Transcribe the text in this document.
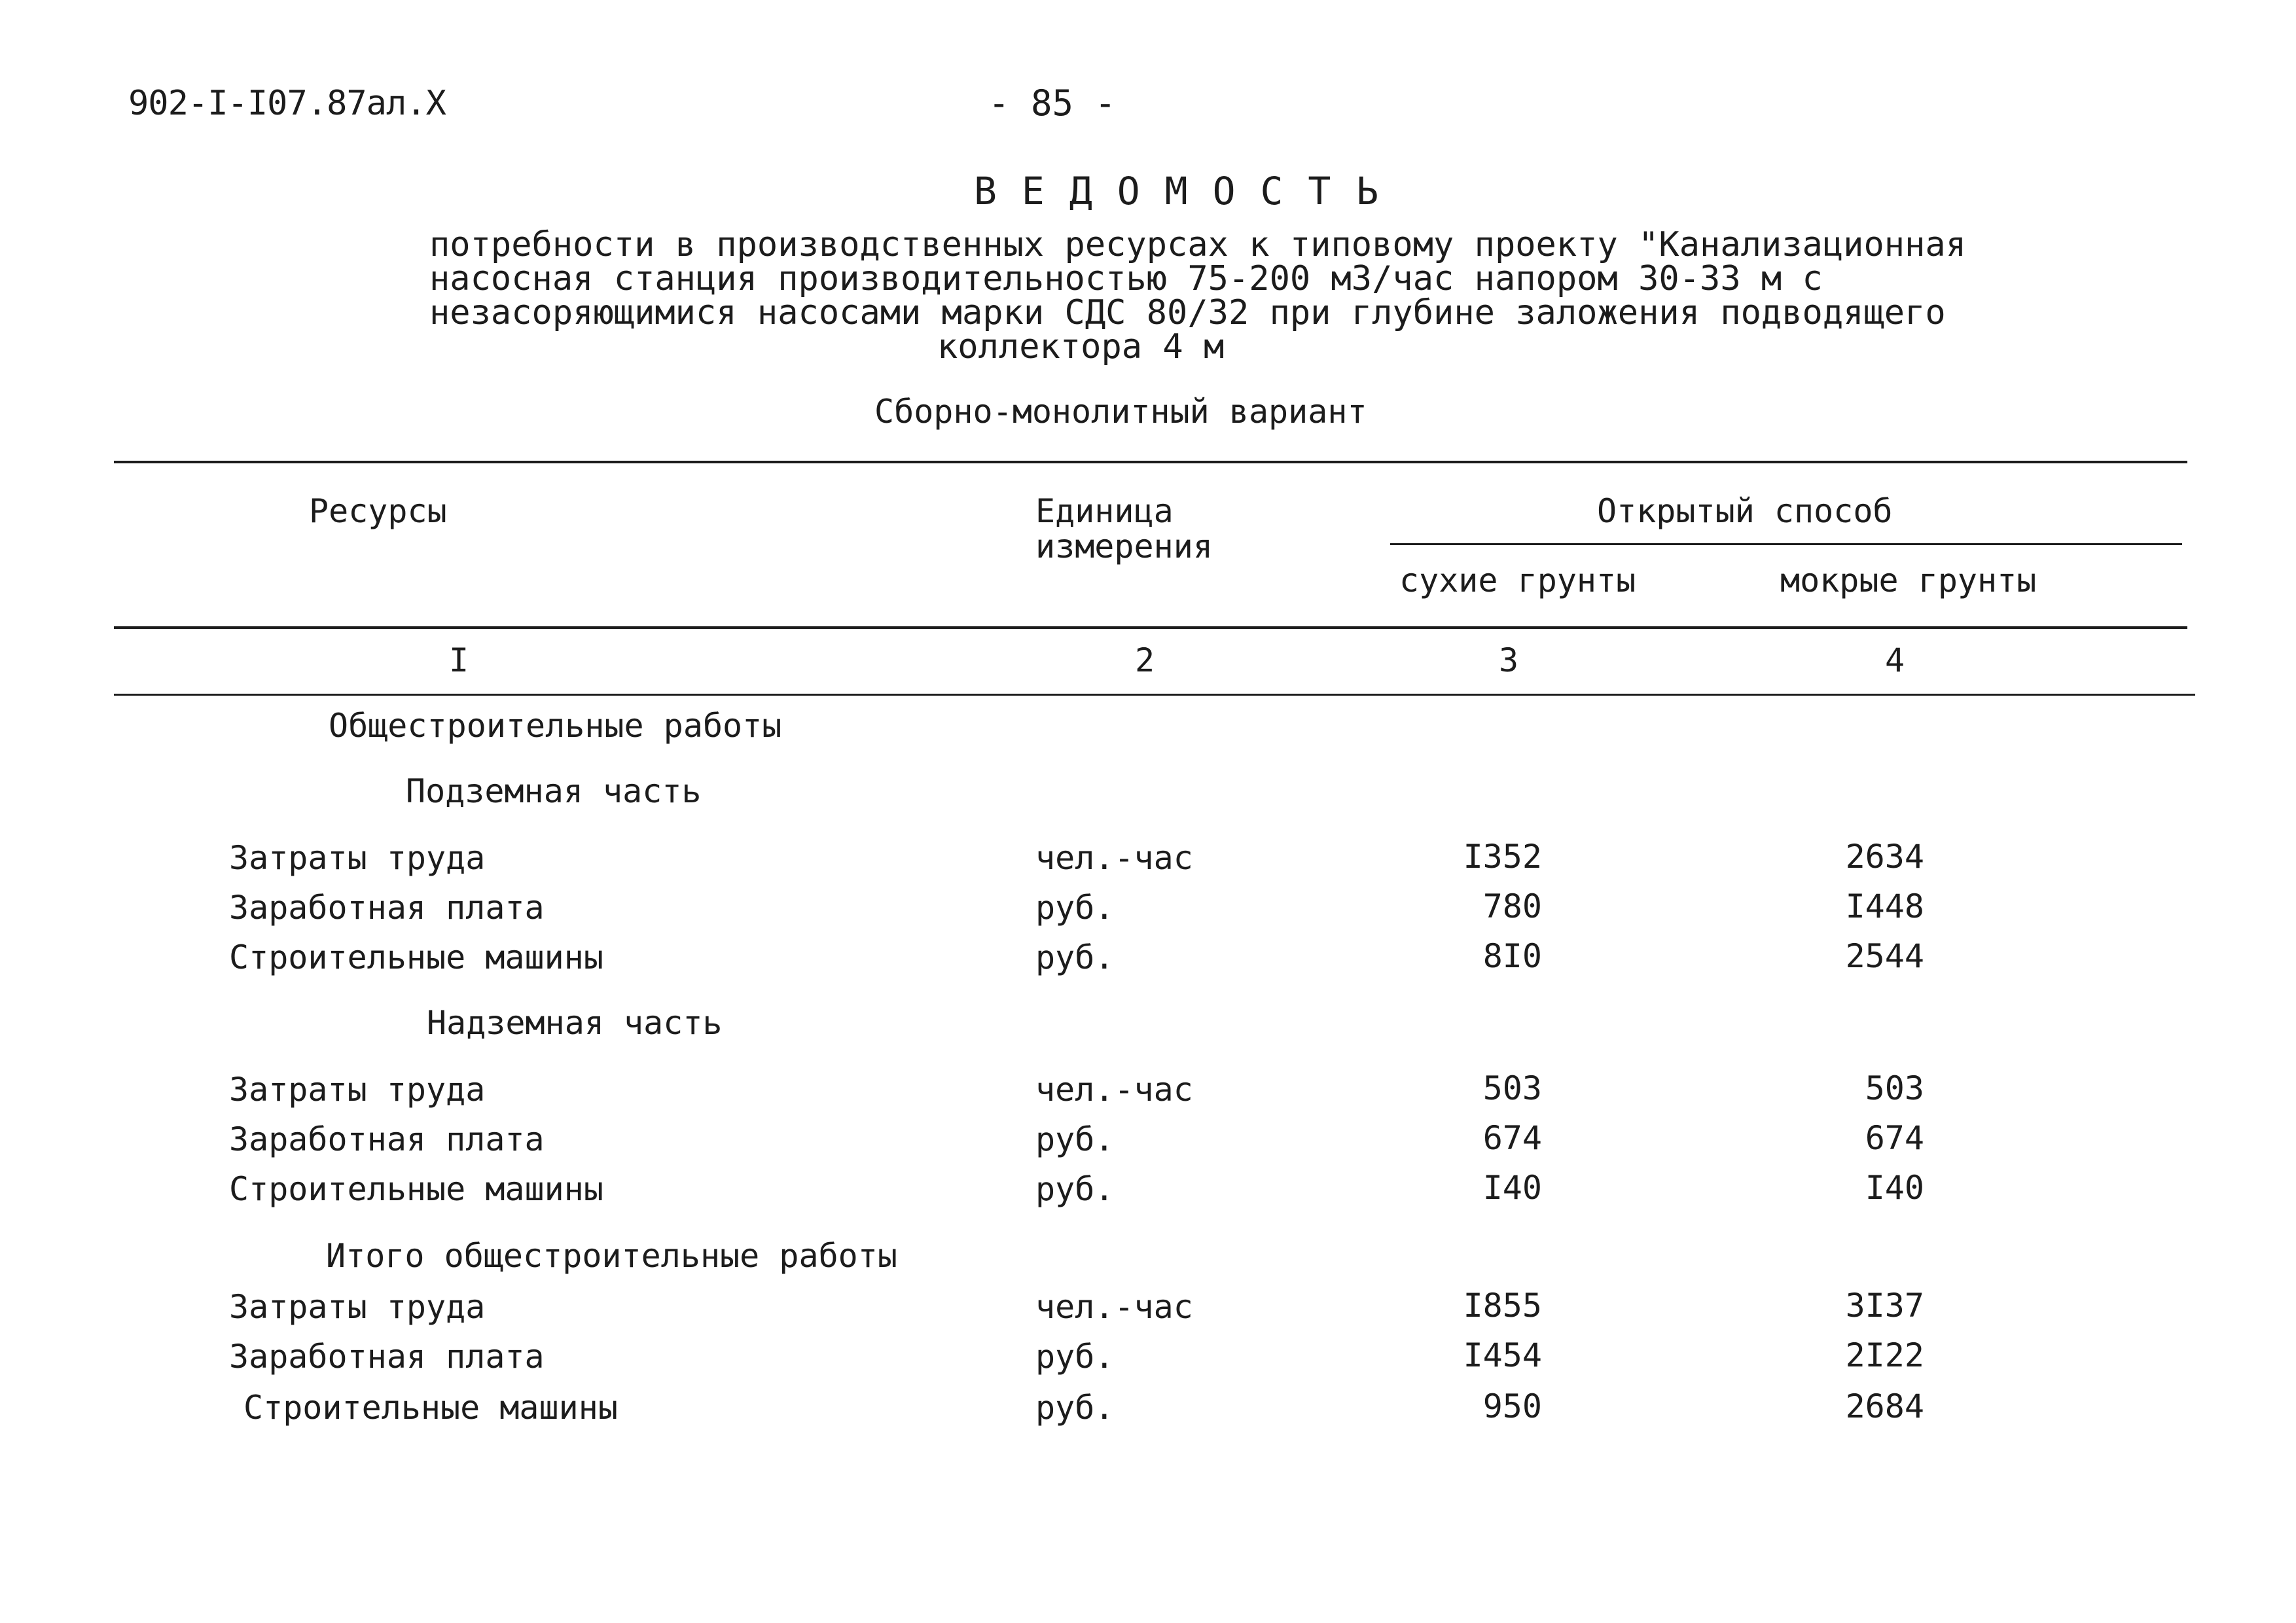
902-I-I07.87ал.X	- 85 -
ВЕДОМОСТЬ
потребности в производственных ресурсах к типовому проекту "Канализационная
насосная станция производительностью 75-200 м3/час напором 30-33 м с
незасоряющимися насосами марки СДС 80/32 при глубине заложения подводящего
коллектора 4 м
Сборно-монолитный вариант
Ресурсы	Единица измерения
Открытый способ
сухие грунты	мокрые грунты
I	2	3	4
Общестроительные работы
Подземная часть
Затраты труда	чел.-час	I352	2634
Заработная плата	руб.	780	I448
Строительные машины	руб.	8I0	2544
Надземная часть
Затраты труда	чел.-час	503	503
Заработная плата	руб.	674	674
Строительные машины	руб.	I40	I40
Итого общестроительные работы
Затраты труда	чел.-час	I855	3I37
Заработная плата	руб.	I454	2I22
Строительные машины	руб.	950	2684
